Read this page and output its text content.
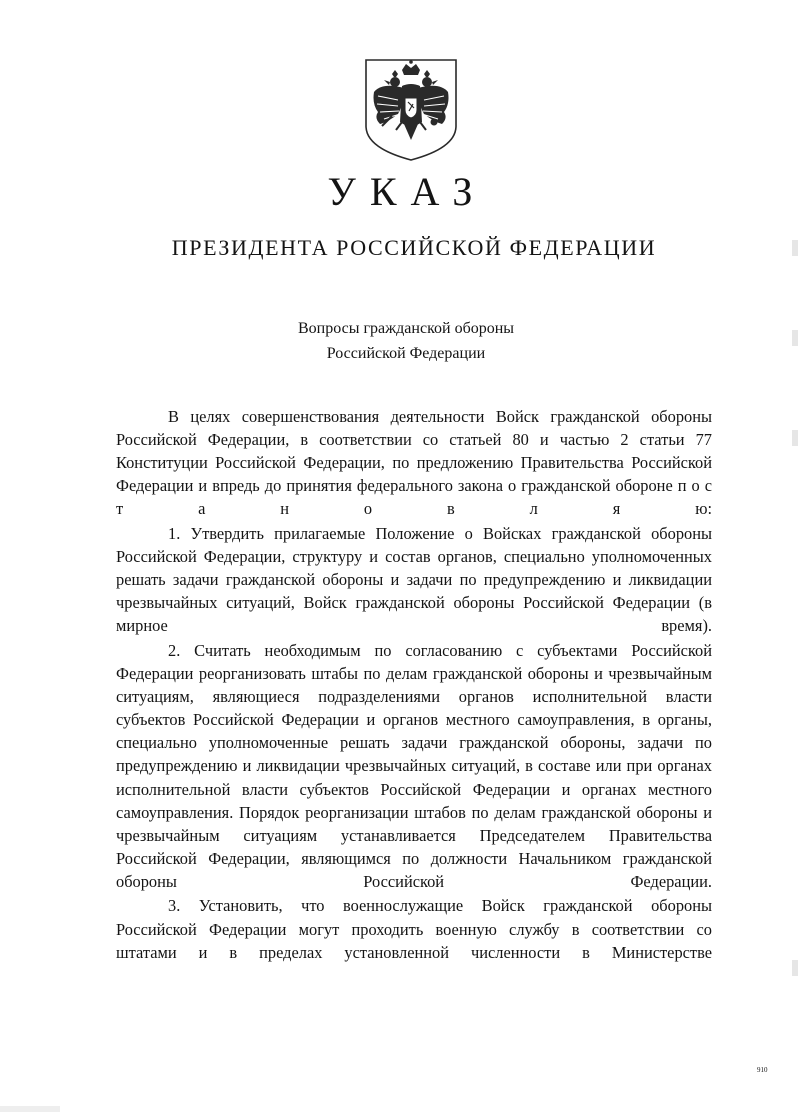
УКАЗ
ПРЕЗИДЕНТА РОССИЙСКОЙ ФЕДЕРАЦИИ
Вопросы гражданской обороны
Российской Федерации

В целях совершенствования деятельности Войск гражданской обороны Российской Федерации, в соответствии со статьей 80 и частью 2 статьи 77 Конституции Российской Федерации, по предложению Правительства Российской Федерации и впредь до принятия федерального закона о гражданской обороне п о с т а н о в л я ю:

1. Утвердить прилагаемые Положение о Войсках гражданской обороны Российской Федерации, структуру и состав органов, специально уполномоченных решать задачи гражданской обороны и задачи по предупреждению и ликвидации чрезвычайных ситуаций, Войск гражданской обороны Российской Федерации (в мирное время).

2. Считать необходимым по согласованию с субъектами Российской Федерации реорганизовать штабы по делам гражданской обороны и чрезвычайным ситуациям, являющиеся подразделениями органов исполнительной власти субъектов Российской Федерации и органов местного самоуправления, в органы, специально уполномоченные решать задачи гражданской обороны, задачи по предупреждению и ликвидации чрезвычайных ситуаций, в составе или при органах исполнительной власти субъектов Российской Федерации и органах местного самоуправления. Порядок реорганизации штабов по делам гражданской обороны и чрезвычайным ситуациям устанавливается Председателем Правительства Российской Федерации, являющимся по должности Начальником гражданской обороны Российской Федерации.

3. Установить, что военнослужащие Войск гражданской обороны Российской Федерации могут проходить военную службу в соответствии со штатами и в пределах установленной численности в Министерстве

910
